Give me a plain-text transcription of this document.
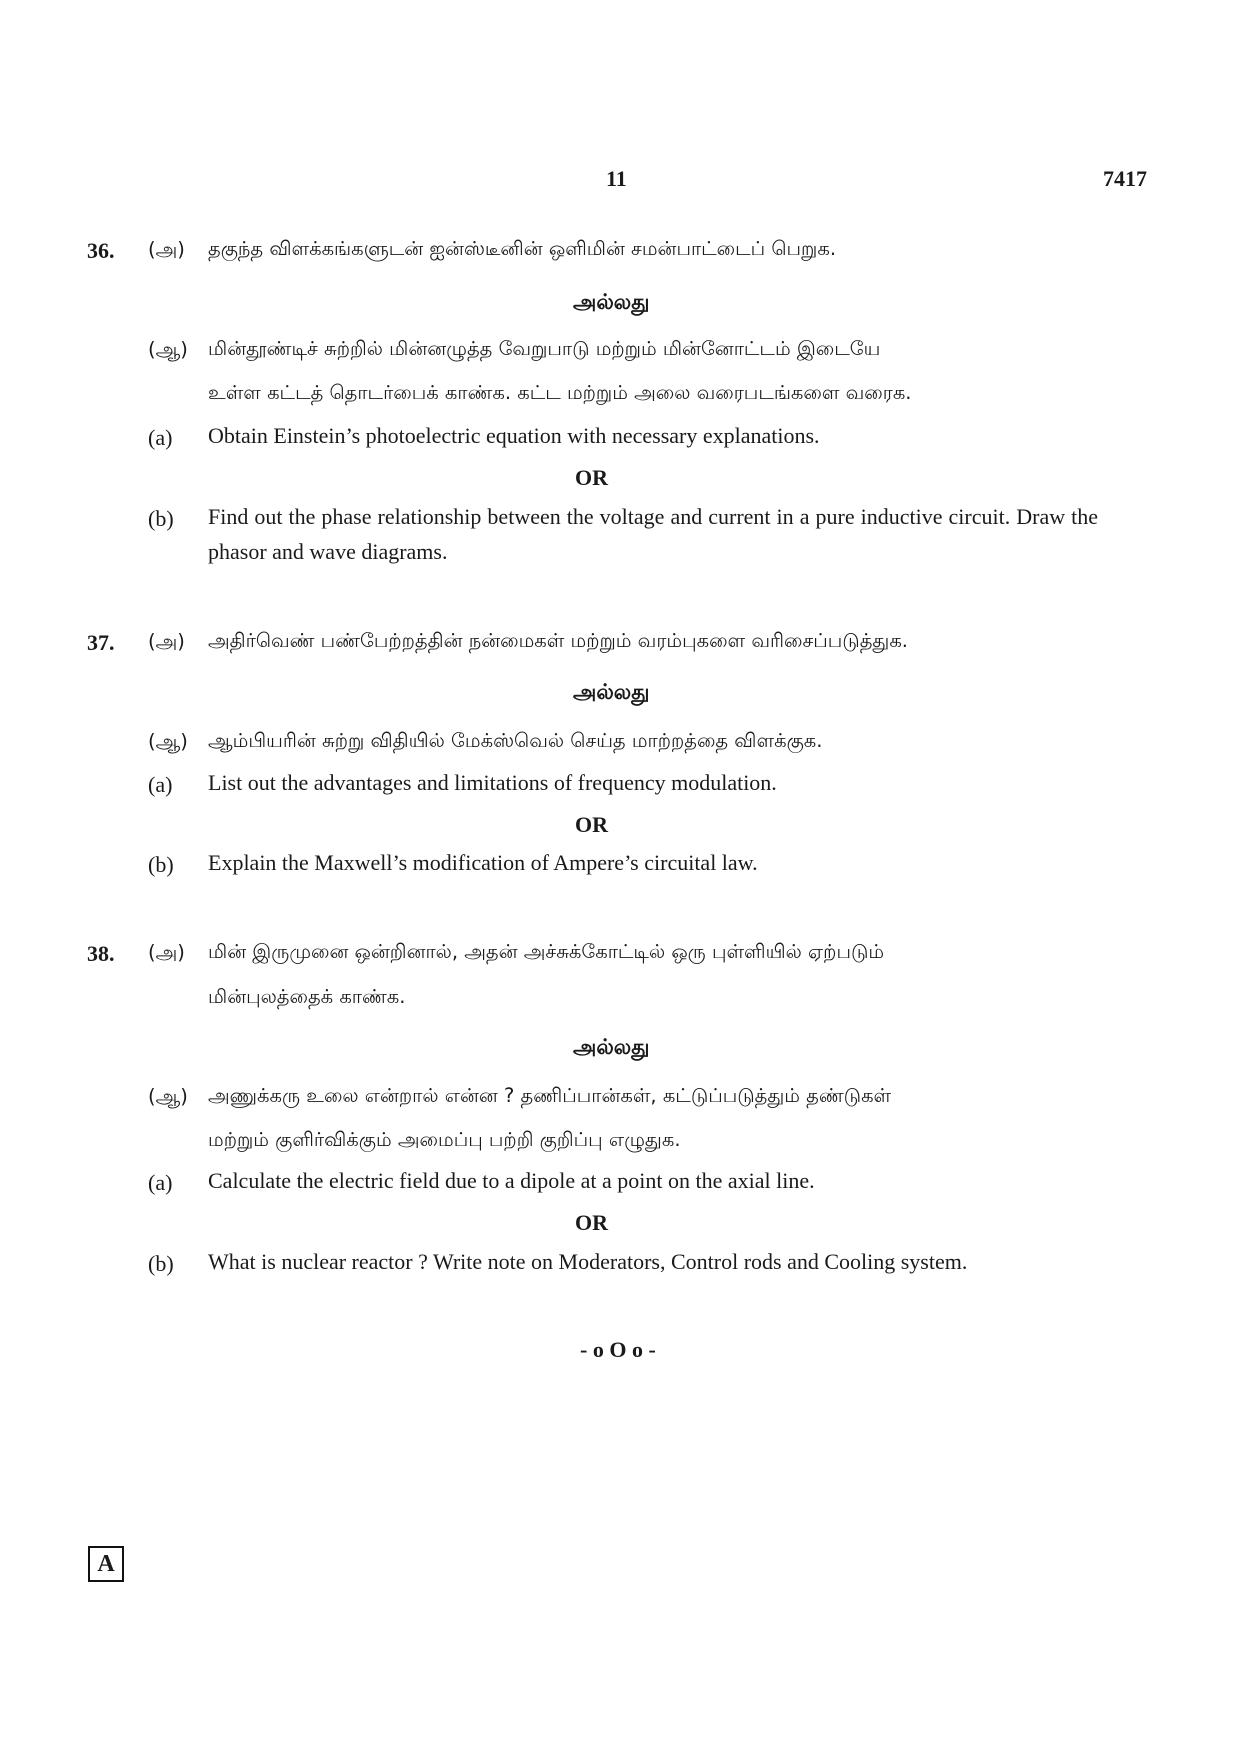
11	7417
36. (அ) தகுந்த விளக்கங்களுடன் ஐன்ஸ்டீனின் ஒளிமின் சமன்பாட்டைப் பெறுக.
அல்லது
(ஆ) மின்தூண்டிச் சுற்றில் மின்னழுத்த வேறுபாடு மற்றும் மின்னோட்டம் இடையே
உள்ள கட்டத் தொடர்பைக் காண்க. கட்ட மற்றும் அலை வரைபடங்களை வரைக.
(a) Obtain Einstein’s photoelectric equation with necessary explanations.
OR
(b) Find out the phase relationship between the voltage and current in a pure inductive circuit. Draw the phasor and wave diagrams.
37. (அ) அதிர்வெண் பண்பேற்றத்தின் நன்மைகள் மற்றும் வரம்புகளை வரிசைப்படுத்துக.
அல்லது
(ஆ) ஆம்பியரின் சுற்று விதியில் மேக்ஸ்வெல் செய்த மாற்றத்தை விளக்குக.
(a) List out the advantages and limitations of frequency modulation.
OR
(b) Explain the Maxwell’s modification of Ampere’s circuital law.
38. (அ) மின் இருமுனை ஒன்றினால், அதன் அச்சுக்கோட்டில் ஒரு புள்ளியில் ஏற்படும்
மின்புலத்தைக் காண்க.
அல்லது
(ஆ) அணுக்கரு உலை என்றால் என்ன ? தணிப்பான்கள், கட்டுப்படுத்தும் தண்டுகள்
மற்றும் குளிர்விக்கும் அமைப்பு பற்றி குறிப்பு எழுதுக.
(a) Calculate the electric field due to a dipole at a point on the axial line.
OR
(b) What is nuclear reactor ? Write note on Moderators, Control rods and Cooling system.
- o O o -
A
